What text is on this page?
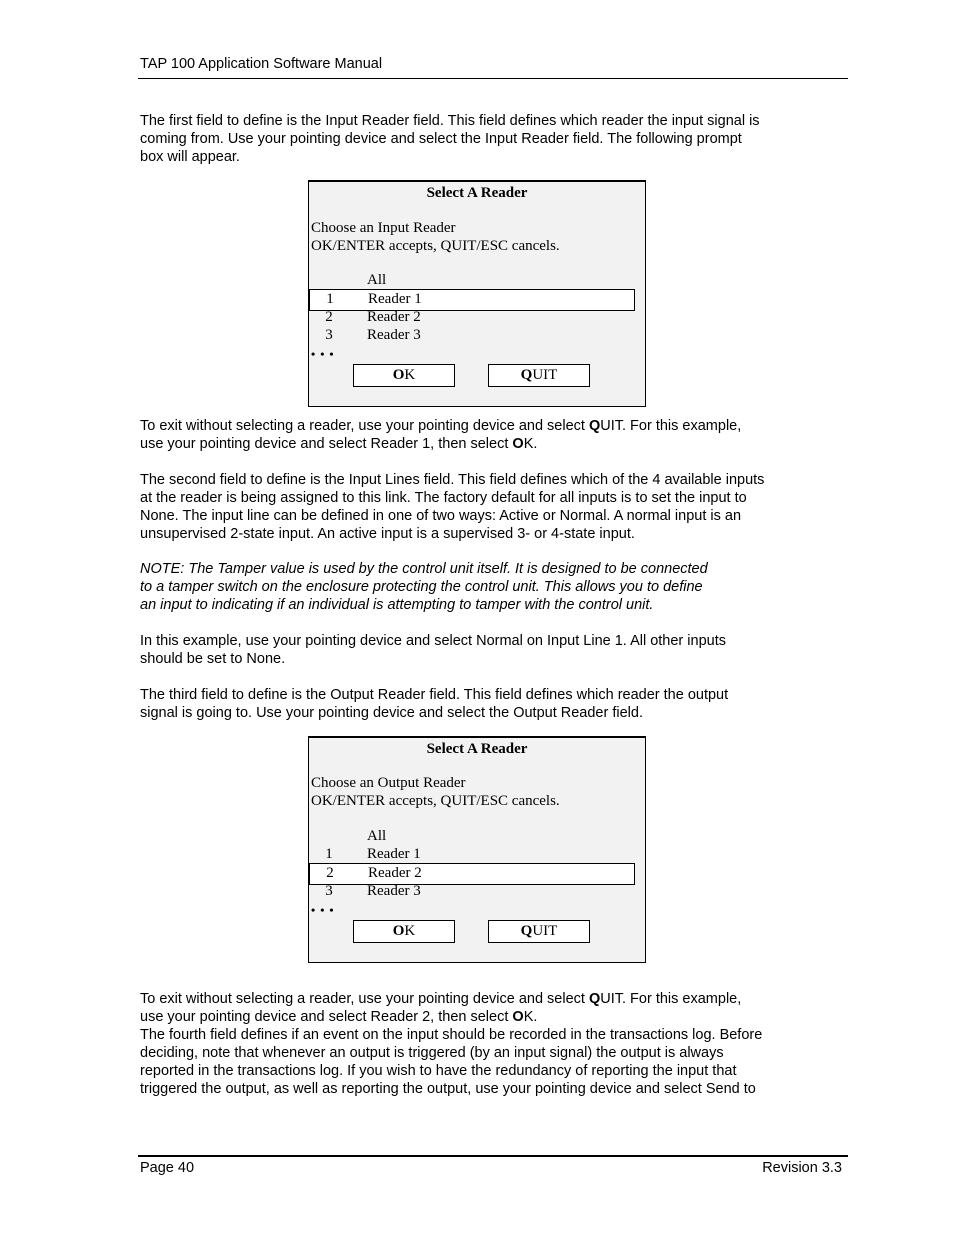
TAP 100 Application Software Manual
The first field to define is the Input Reader field. This field defines which reader the input signal is
coming from. Use your pointing device and select the Input Reader field. The following prompt
box will appear.
Select A Reader
Choose an Input Reader
OK/ENTER accepts, QUIT/ESC cancels.
All
1	Reader 1
2	Reader 2
3	Reader 3
• • •
OK	QUIT
To exit without selecting a reader, use your pointing device and select QUIT. For this example,
use your pointing device and select Reader 1, then select OK.
The second field to define is the Input Lines field. This field defines which of the 4 available inputs
at the reader is being assigned to this link. The factory default for all inputs is to set the input to
None. The input line can be defined in one of two ways: Active or Normal. A normal input is an
unsupervised 2-state input. An active input is a supervised 3- or 4-state input.
NOTE: The Tamper value is used by the control unit itself. It is designed to be connected
to a tamper switch on the enclosure protecting the control unit. This allows you to define
an input to indicating if an individual is attempting to tamper with the control unit.
In this example, use your pointing device and select Normal on Input Line 1. All other inputs
should be set to None.
The third field to define is the Output Reader field. This field defines which reader the output
signal is going to. Use your pointing device and select the Output Reader field.
Select A Reader
Choose an Output Reader
OK/ENTER accepts, QUIT/ESC cancels.
All
1	Reader 1
2	Reader 2
3	Reader 3
• • •
OK	QUIT
To exit without selecting a reader, use your pointing device and select QUIT. For this example,
use your pointing device and select Reader 2, then select OK.
The fourth field defines if an event on the input should be recorded in the transactions log. Before
deciding, note that whenever an output is triggered (by an input signal) the output is always
reported in the transactions log. If you wish to have the redundancy of reporting the input that
triggered the output, as well as reporting the output, use your pointing device and select Send to
Page 40	Revision 3.3
